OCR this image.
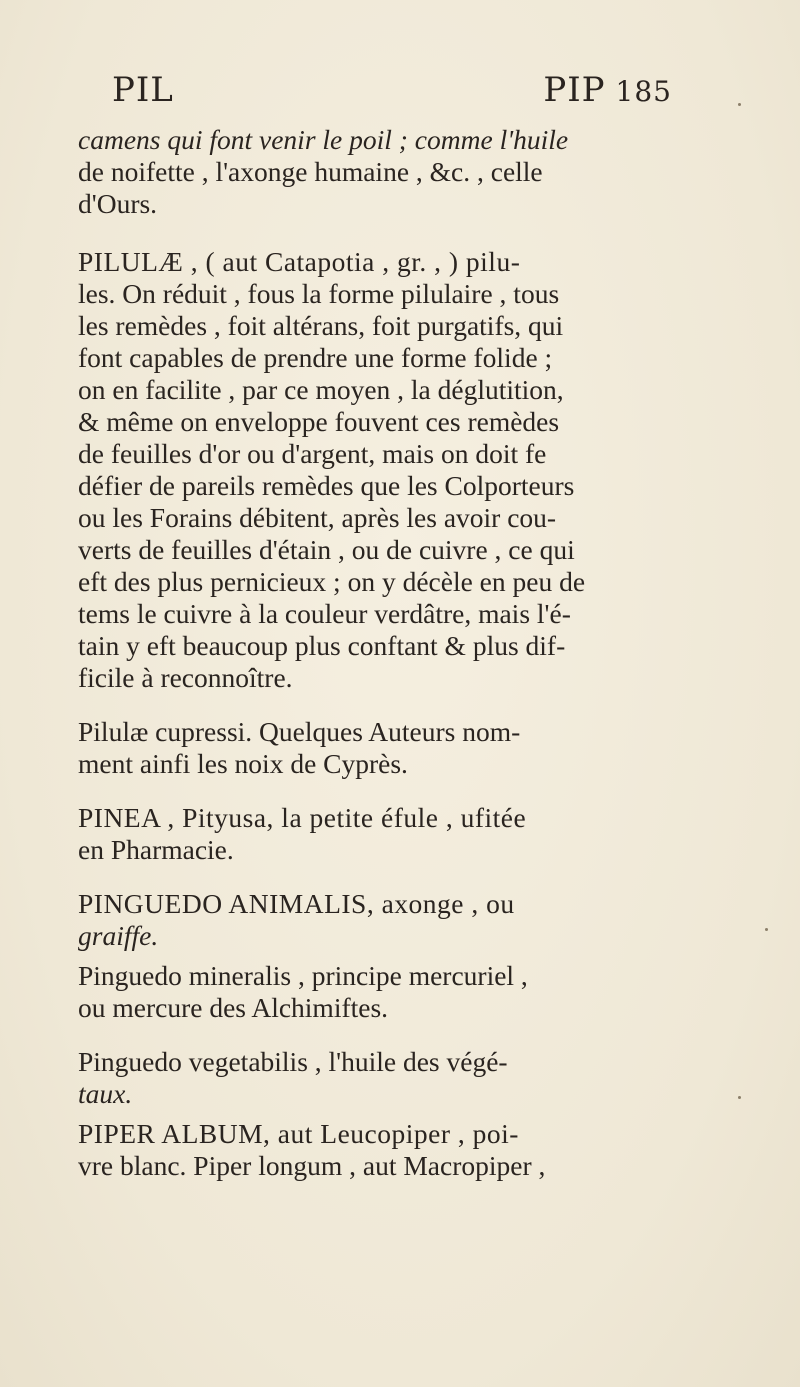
PIL	PIP 185

camens qui font venir le poil ; comme l'huile
de noifette , l'axonge humaine , &c. , celle
d'Ours.

PILULÆ , ( aut Catapotia , gr. , ) pilu-
les. On réduit , fous la forme pilulaire , tous
les remèdes , foit altérans, foit purgatifs, qui
font capables de prendre une forme folide ;
on en facilite , par ce moyen , la déglutition,
& même on enveloppe fouvent ces remèdes
de feuilles d'or ou d'argent, mais on doit fe
défier de pareils remèdes que les Colporteurs
ou les Forains débitent, après les avoir cou-
verts de feuilles d'étain , ou de cuivre , ce qui
eft des plus pernicieux ; on y décèle en peu de
tems le cuivre à la couleur verdâtre, mais l'é-
tain y eft beaucoup plus conftant & plus dif-
ficile à reconnoître.

Pilulæ cupressi. Quelques Auteurs nom-
ment ainfi les noix de Cyprès.

PINEA , Pityusa, la petite éfule , ufitée
en Pharmacie.

PINGUEDO ANIMALIS, axonge , ou
graiffe.

Pinguedo mineralis , principe mercuriel ,
ou mercure des Alchimiftes.

Pinguedo vegetabilis , l'huile des végé-
taux.

PIPER ALBUM, aut Leucopiper , poi-
vre blanc. Piper longum , aut Macropiper ,
